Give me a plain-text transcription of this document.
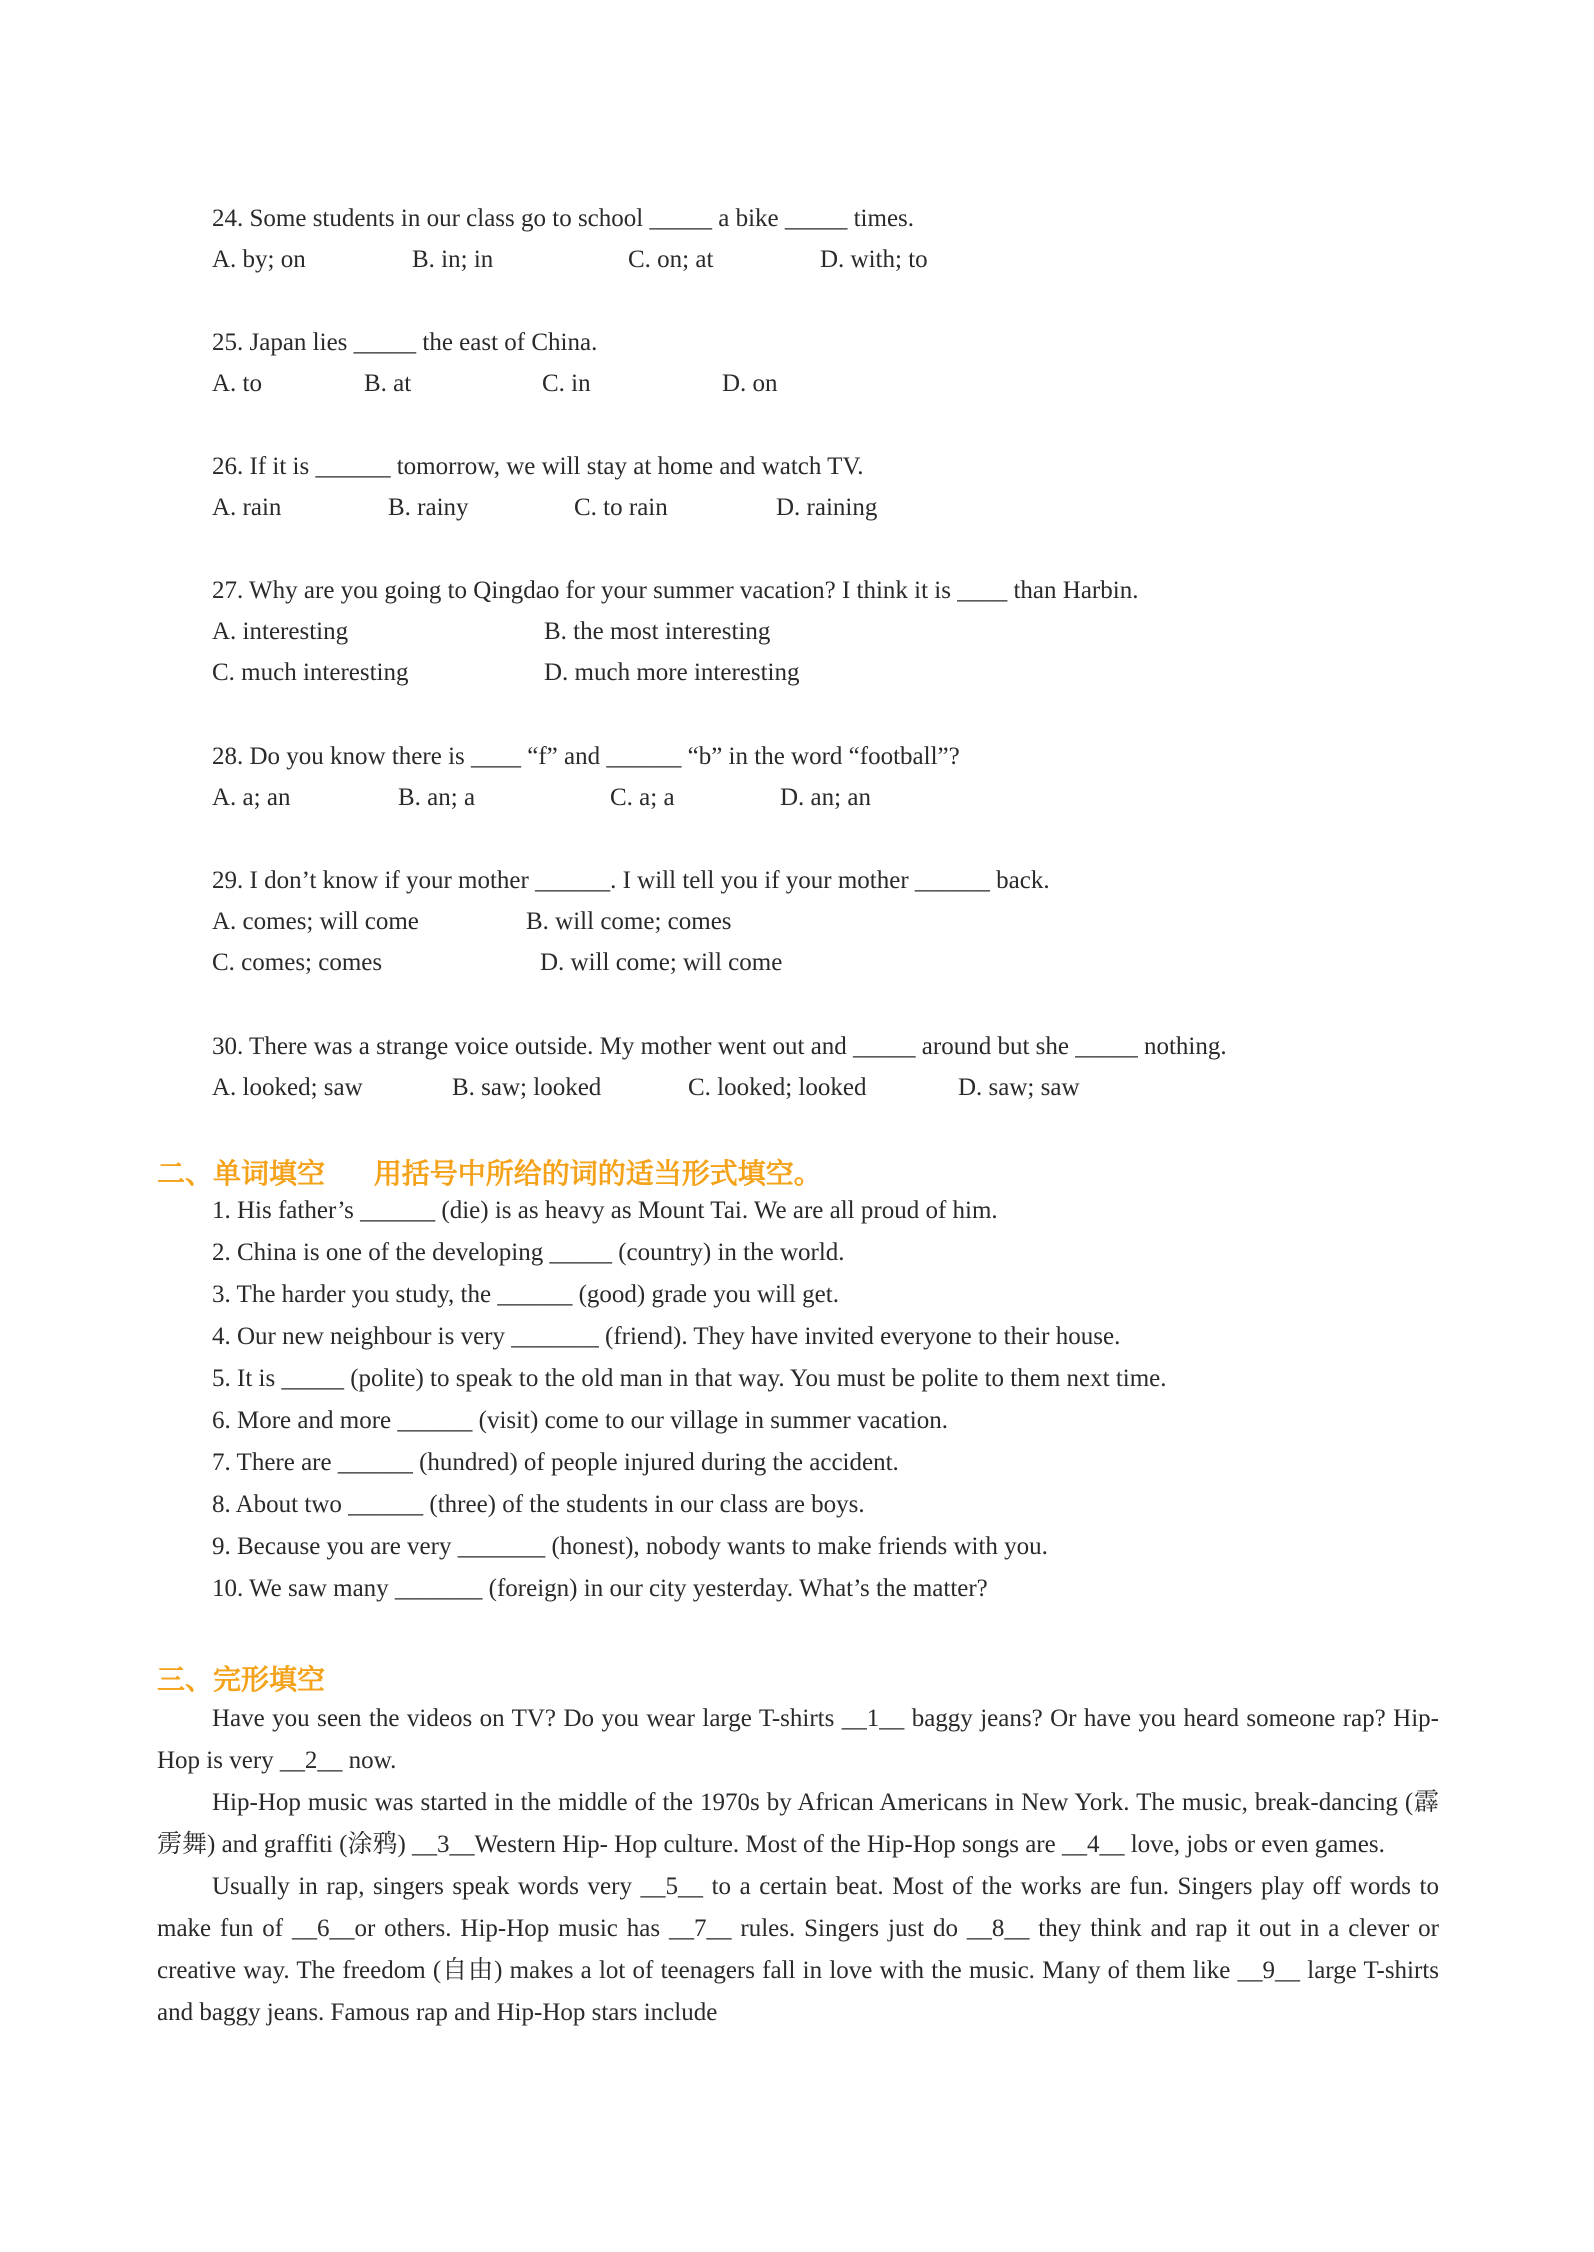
24. Some students in our class go to school _____ a bike _____ times.
A. by; on	B. in; in	C. on; at	D. with; to
25. Japan lies _____ the east of China.
A. to	B. at	C. in	D. on
26. If it is ______ tomorrow, we will stay at home and watch TV.
A. rain	B. rainy	C. to rain	D. raining
27. Why are you going to Qingdao for your summer vacation? I think it is ____ than Harbin.
A. interesting	B. the most interesting
C. much interesting	D. much more interesting
28. Do you know there is ____ “f” and ______ “b” in the word “football”?
A. a; an	B. an; a	C. a; a	D. an; an
29. I don’t know if your mother ______. I will tell you if your mother ______ back.
A. comes; will come	B. will come; comes
C. comes; comes	D. will come; will come
30. There was a strange voice outside. My mother went out and _____ around but she _____ nothing.
A. looked; saw	B. saw; looked	C. looked; looked	D. saw; saw
二、单词填空     用括号中所给的词的适当形式填空。
1. His father’s ______ (die) is as heavy as Mount Tai. We are all proud of him.
2. China is one of the developing _____ (country) in the world.
3. The harder you study, the ______ (good) grade you will get.
4. Our new neighbour is very _______ (friend). They have invited everyone to their house.
5. It is _____ (polite) to speak to the old man in that way. You must be polite to them next time.
6. More and more ______ (visit) come to our village in summer vacation.
7. There are ______ (hundred) of people injured during the accident.
8. About two ______ (three) of the students in our class are boys.
9. Because you are very _______ (honest), nobody wants to make friends with you.
10. We saw many _______ (foreign) in our city yesterday. What’s the matter?
三、完形填空

Have you seen the videos on TV? Do you wear large T-shirts __1__ baggy jeans? Or have you heard someone rap? Hip-Hop is very __2__ now.

Hip-Hop music was started in the middle of the 1970s by African Americans in New York. The music, break-dancing (霹雳舞) and graffiti (涂鸦) __3__Western Hip- Hop culture. Most of the Hip-Hop songs are __4__ love, jobs or even games.

Usually in rap, singers speak words very __5__ to a certain beat. Most of the works are fun. Singers play off words to make fun of __6__or others. Hip-Hop music has __7__ rules. Singers just do __8__ they think and rap it out in a clever or creative way. The freedom (自由) makes a lot of teenagers fall in love with the music. Many of them like __9__ large T-shirts and baggy jeans. Famous rap and Hip-Hop stars include
